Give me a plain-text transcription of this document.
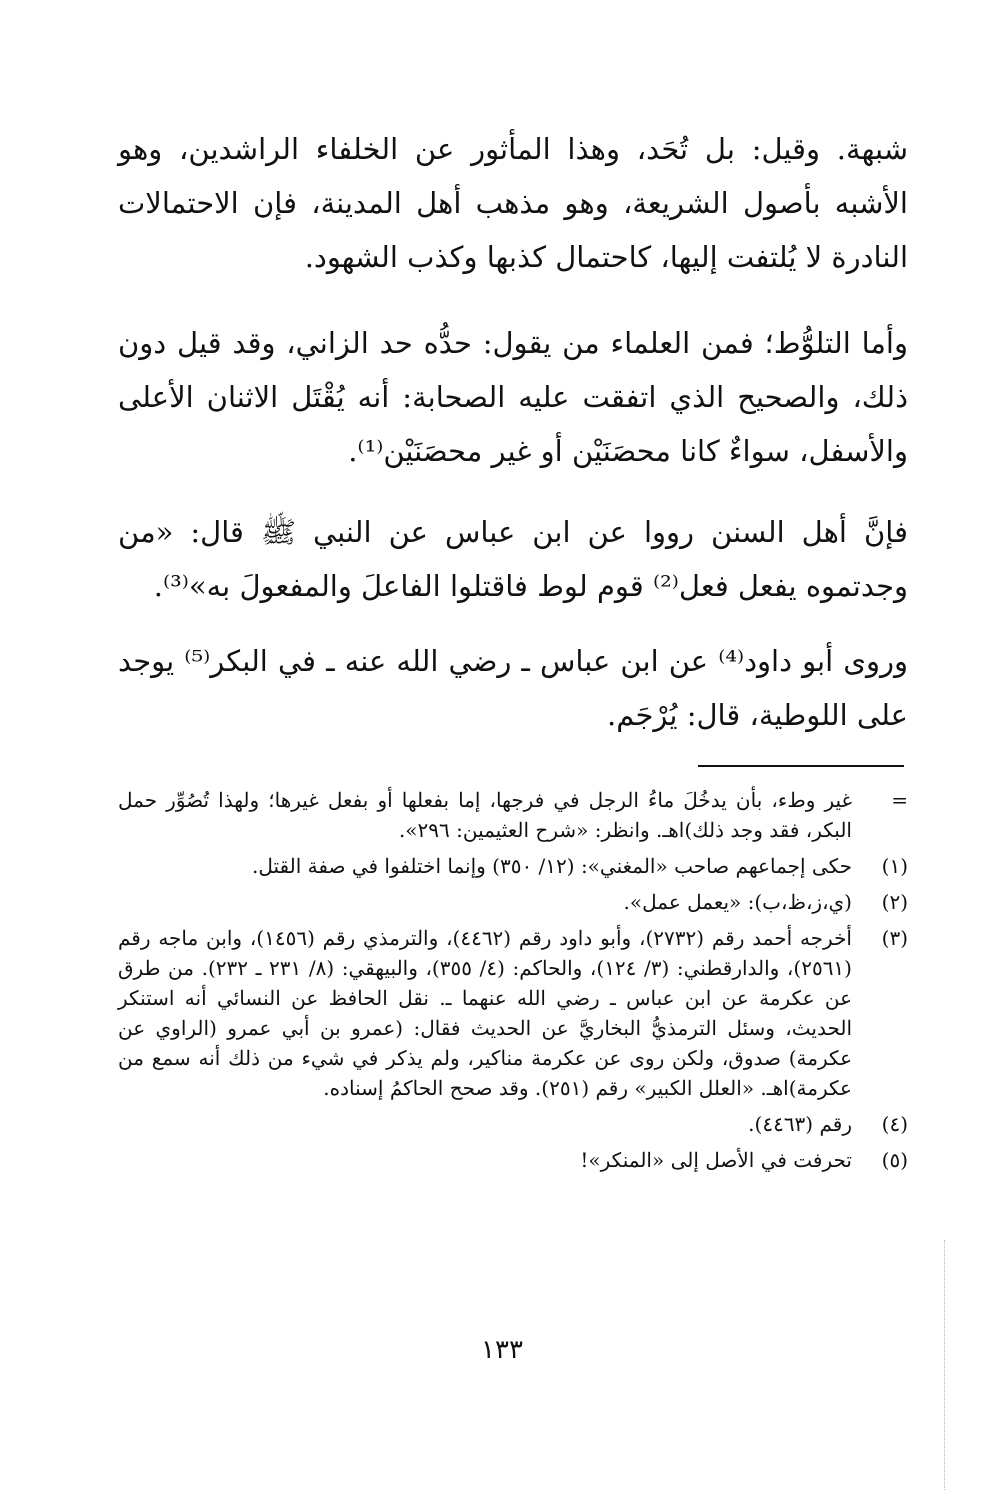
شبهة. وقيل: بل تُحَد، وهذا المأثور عن الخلفاء الراشدين، وهو الأشبه بأصول الشريعة، وهو مذهب أهل المدينة، فإن الاحتمالات النادرة لا يُلتفت إليها، كاحتمال كذبها وكذب الشهود.
وأما التلوُّط؛ فمن العلماء من يقول: حدُّه حد الزاني، وقد قيل دون ذلك، والصحيح الذي اتفقت عليه الصحابة: أنه يُقْتَل الاثنان الأعلى والأسفل، سواءٌ كانا محصَنَيْن أو غير محصَنَيْن⁽¹⁾.
فإنَّ أهل السنن رووا عن ابن عباس عن النبي ﷺ قال: «من وجدتموه يفعل فعل⁽²⁾ قوم لوط فاقتلوا الفاعلَ والمفعولَ به»⁽³⁾.
وروى أبو داود⁽⁴⁾ عن ابن عباس ـ رضي الله عنه ـ في البكر⁽⁵⁾ يوجد على اللوطية، قال: يُرْجَم.
=
غير وطء، بأن يدخُلَ ماءُ الرجل في فرجها، إما بفعلها أو بفعل غيرها؛ ولهذا تُصُوِّر حمل البكر، فقد وجد ذلك)اهـ. وانظر: «شرح العثيمين: ٢٩٦».
(١)
حكى إجماعهم صاحب «المغني»: (١٢/ ٣٥٠) وإنما اختلفوا في صفة القتل.
(٢)
(ي،ز،ظ،ب): «يعمل عمل».
(٣)
أخرجه أحمد رقم (٢٧٣٢)، وأبو داود رقم (٤٤٦٢)، والترمذي رقم (١٤٥٦)، وابن ماجه رقم (٢٥٦١)، والدارقطني: (٣/ ١٢٤)، والحاكم: (٤/ ٣٥٥)، والبيهقي: (٨/ ٢٣١ ـ ٢٣٢). من طرق عن عكرمة عن ابن عباس ـ رضي الله عنهما ـ. نقل الحافظ عن النسائي أنه استنكر الحديث، وسئل الترمذيُّ البخاريَّ عن الحديث فقال: (عمرو بن أبي عمرو (الراوي عن عكرمة) صدوق، ولكن روى عن عكرمة مناكير، ولم يذكر في شيء من ذلك أنه سمع من عكرمة)اهـ. «العلل الكبير» رقم (٢٥١). وقد صحح الحاكمُ إسناده.
(٤)
رقم (٤٤٦٣).
(٥)
تحرفت في الأصل إلى «المنكر»!
١٣٣
